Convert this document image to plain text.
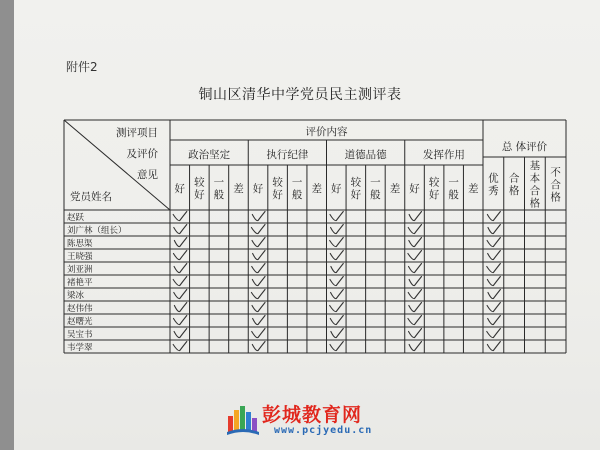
附件2
铜山区清华中学党员民主测评表
测评项目
及评价
意见
党员姓名
评价内容
政治坚定
好
较好
一般
差
执行纪律
好
较好
一般
差
道德品德
好
较好
一般
差
发挥作用
好
较好
一般
差
总 体评价
优秀
合格
基本合格
不合格
赵跃
刘广林（组长）
陈思渠
王晓强
刘亚洲
褚艳平
梁冰
赵伟伟
赵曙光
吴宝书
韦学翠
彭城教育网
www.pcjyedu.cn
